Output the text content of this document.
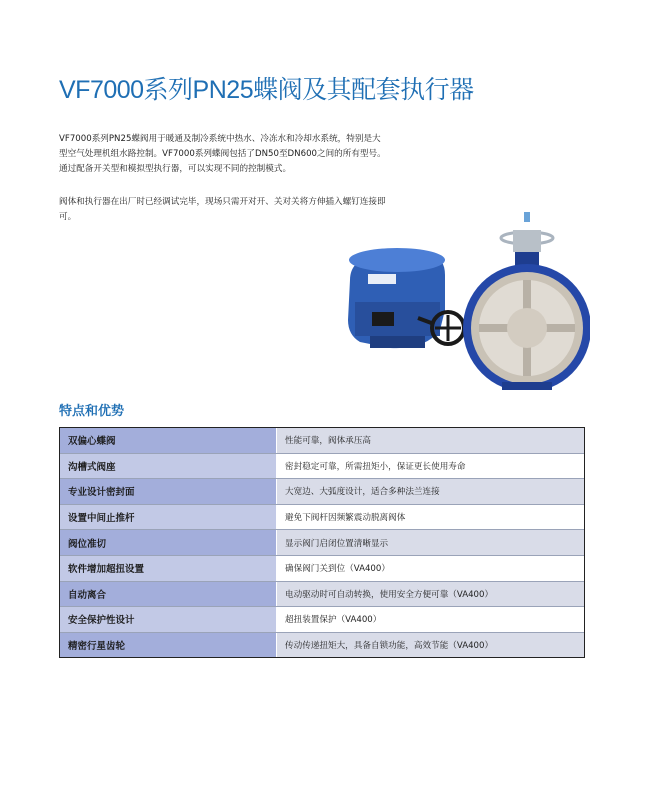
VF7000系列PN25蝶阀及其配套执行器
VF7000系列PN25蝶阀用于暖通及制冷系统中热水、冷冻水和冷却水系统，特别是大型空气处理机组水路控制。VF7000系列蝶阀包括了DN50至DN600之间的所有型号。通过配备开关型和模拟型执行器，可以实现不同的控制模式。
阀体和执行器在出厂时已经调试完毕，现场只需开对开、关对关将方伸插入螺钉连接即可。
特点和优势
双偏心蝶阀	性能可靠，阀体承压高
沟槽式阀座	密封稳定可靠，所需扭矩小，保证更长使用寿命
专业设计密封面	大宽边、大弧度设计，适合多种法兰连接
设置中间止推杆	避免下阀杆因频繁震动脱离阀体
阀位准切	显示阀门启闭位置清晰显示
软件增加超扭设置	确保阀门关到位（VA400）
自动离合	电动驱动时可自动转换，使用安全方便可靠（VA400）
安全保护性设计	超扭装置保护（VA400）
精密行星齿轮	传动传递扭矩大，具备自锁功能，高效节能（VA400）
